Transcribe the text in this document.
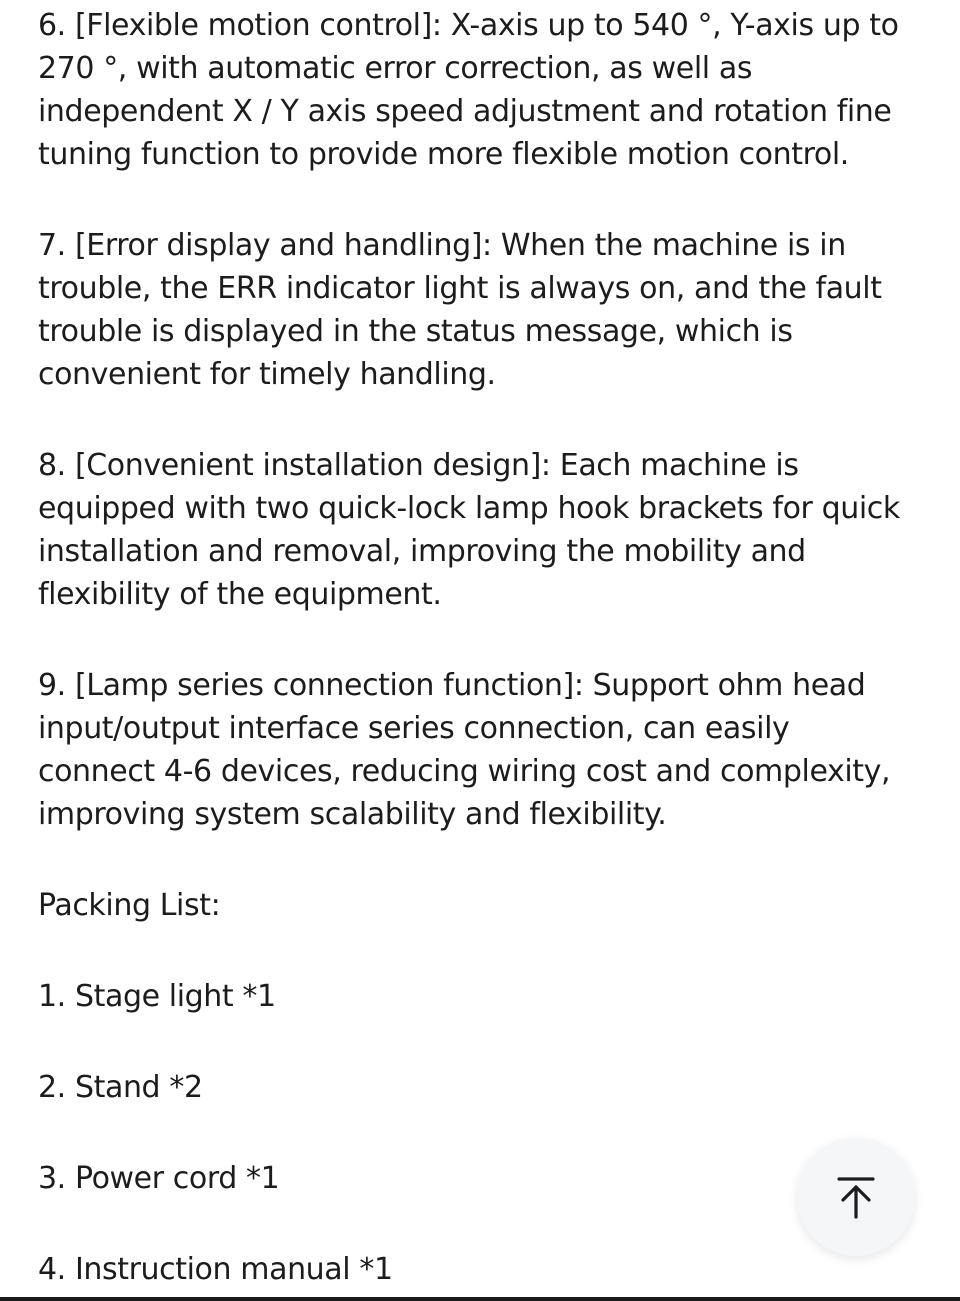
6. [Flexible motion control]: X-axis up to 540 °, Y-axis up to
270 °, with automatic error correction, as well as
independent X / Y axis speed adjustment and rotation fine
tuning function to provide more flexible motion control.

7. [Error display and handling]: When the machine is in
trouble, the ERR indicator light is always on, and the fault
trouble is displayed in the status message, which is
convenient for timely handling.

8. [Convenient installation design]: Each machine is
equipped with two quick-lock lamp hook brackets for quick
installation and removal, improving the mobility and
flexibility of the equipment.

9. [Lamp series connection function]: Support ohm head
input/output interface series connection, can easily
connect 4-6 devices, reducing wiring cost and complexity,
improving system scalability and flexibility.

Packing List:

1. Stage light *1
2. Stand *2
3. Power cord *1
4. Instruction manual *1
